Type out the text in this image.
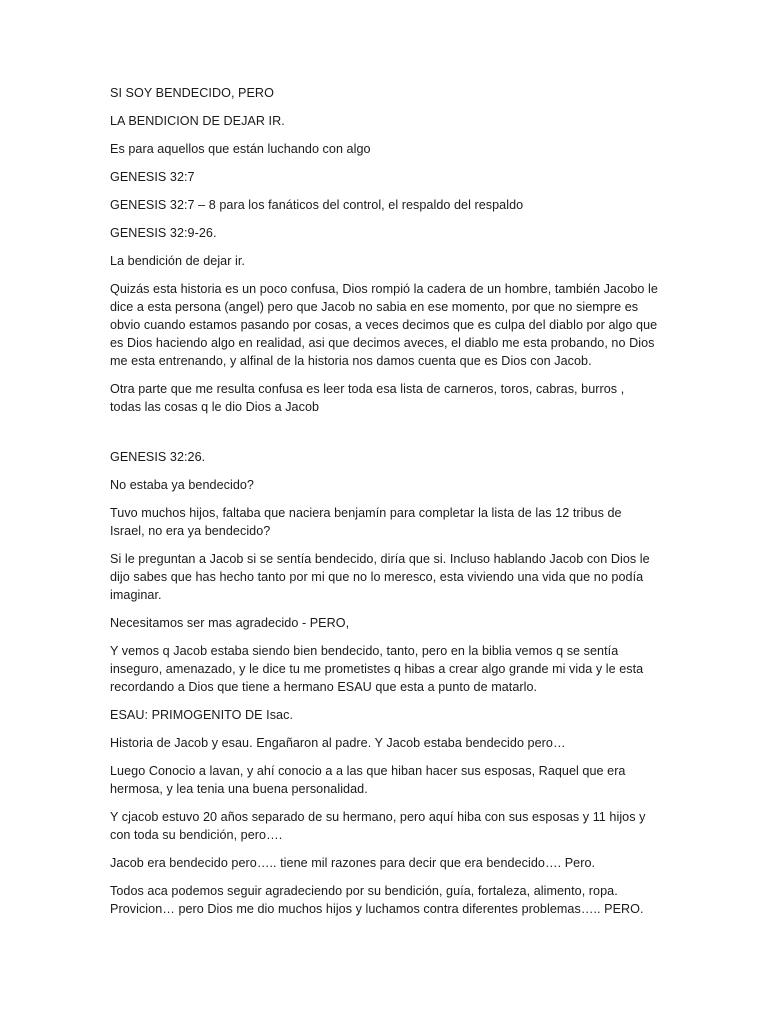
SI SOY BENDECIDO, PERO

LA BENDICION DE DEJAR IR.

Es para aquellos que están luchando con algo

GENESIS 32:7

GENESIS 32:7 – 8 para los fanáticos del control, el respaldo del respaldo

GENESIS 32:9-26.

La bendición de dejar ir.

Quizás esta historia es un poco confusa, Dios rompió la cadera de un hombre, también Jacobo le dice a esta persona (angel) pero que Jacob no sabia en ese momento, por que no siempre es obvio cuando estamos pasando por cosas, a veces decimos que es culpa del diablo por algo que es Dios haciendo algo en realidad, asi que decimos aveces, el diablo me esta probando, no Dios me esta entrenando, y alfinal de la historia nos damos cuenta que es Dios con Jacob.

Otra parte que me resulta confusa es leer toda esa lista de carneros, toros, cabras, burros , todas las cosas q le dio Dios a Jacob

GENESIS 32:26.

No estaba ya bendecido?

Tuvo muchos hijos, faltaba que naciera benjamín para completar la lista de las 12 tribus de Israel, no era ya bendecido?

Si le preguntan a Jacob si se sentía bendecido, diría que si. Incluso hablando Jacob con Dios le dijo sabes que has hecho tanto por mi que no lo meresco, esta viviendo una vida que no podía imaginar.

Necesitamos ser mas agradecido - PERO,

Y vemos q Jacob estaba siendo bien bendecido, tanto, pero en la biblia vemos q se sentía inseguro, amenazado, y le dice tu me prometistes q hibas a crear algo grande mi vida y le esta recordando a Dios que tiene a hermano ESAU que esta a punto de matarlo.

ESAU: PRIMOGENITO DE Isac.

Historia de Jacob y esau. Engañaron al padre. Y Jacob estaba bendecido pero…

Luego Conocio a lavan, y ahí conocio a a las que hiban hacer sus esposas, Raquel que era hermosa, y lea tenia una buena personalidad.

Y cjacob estuvo 20 años separado de su hermano, pero aquí hiba con sus esposas y 11 hijos y con toda su bendición, pero….

Jacob era bendecido pero….. tiene mil razones para decir que era bendecido…. Pero.

Todos aca podemos seguir agradeciendo por su bendición, guía, fortaleza, alimento, ropa. Provicion… pero Dios me dio muchos hijos y luchamos contra diferentes problemas….. PERO.
